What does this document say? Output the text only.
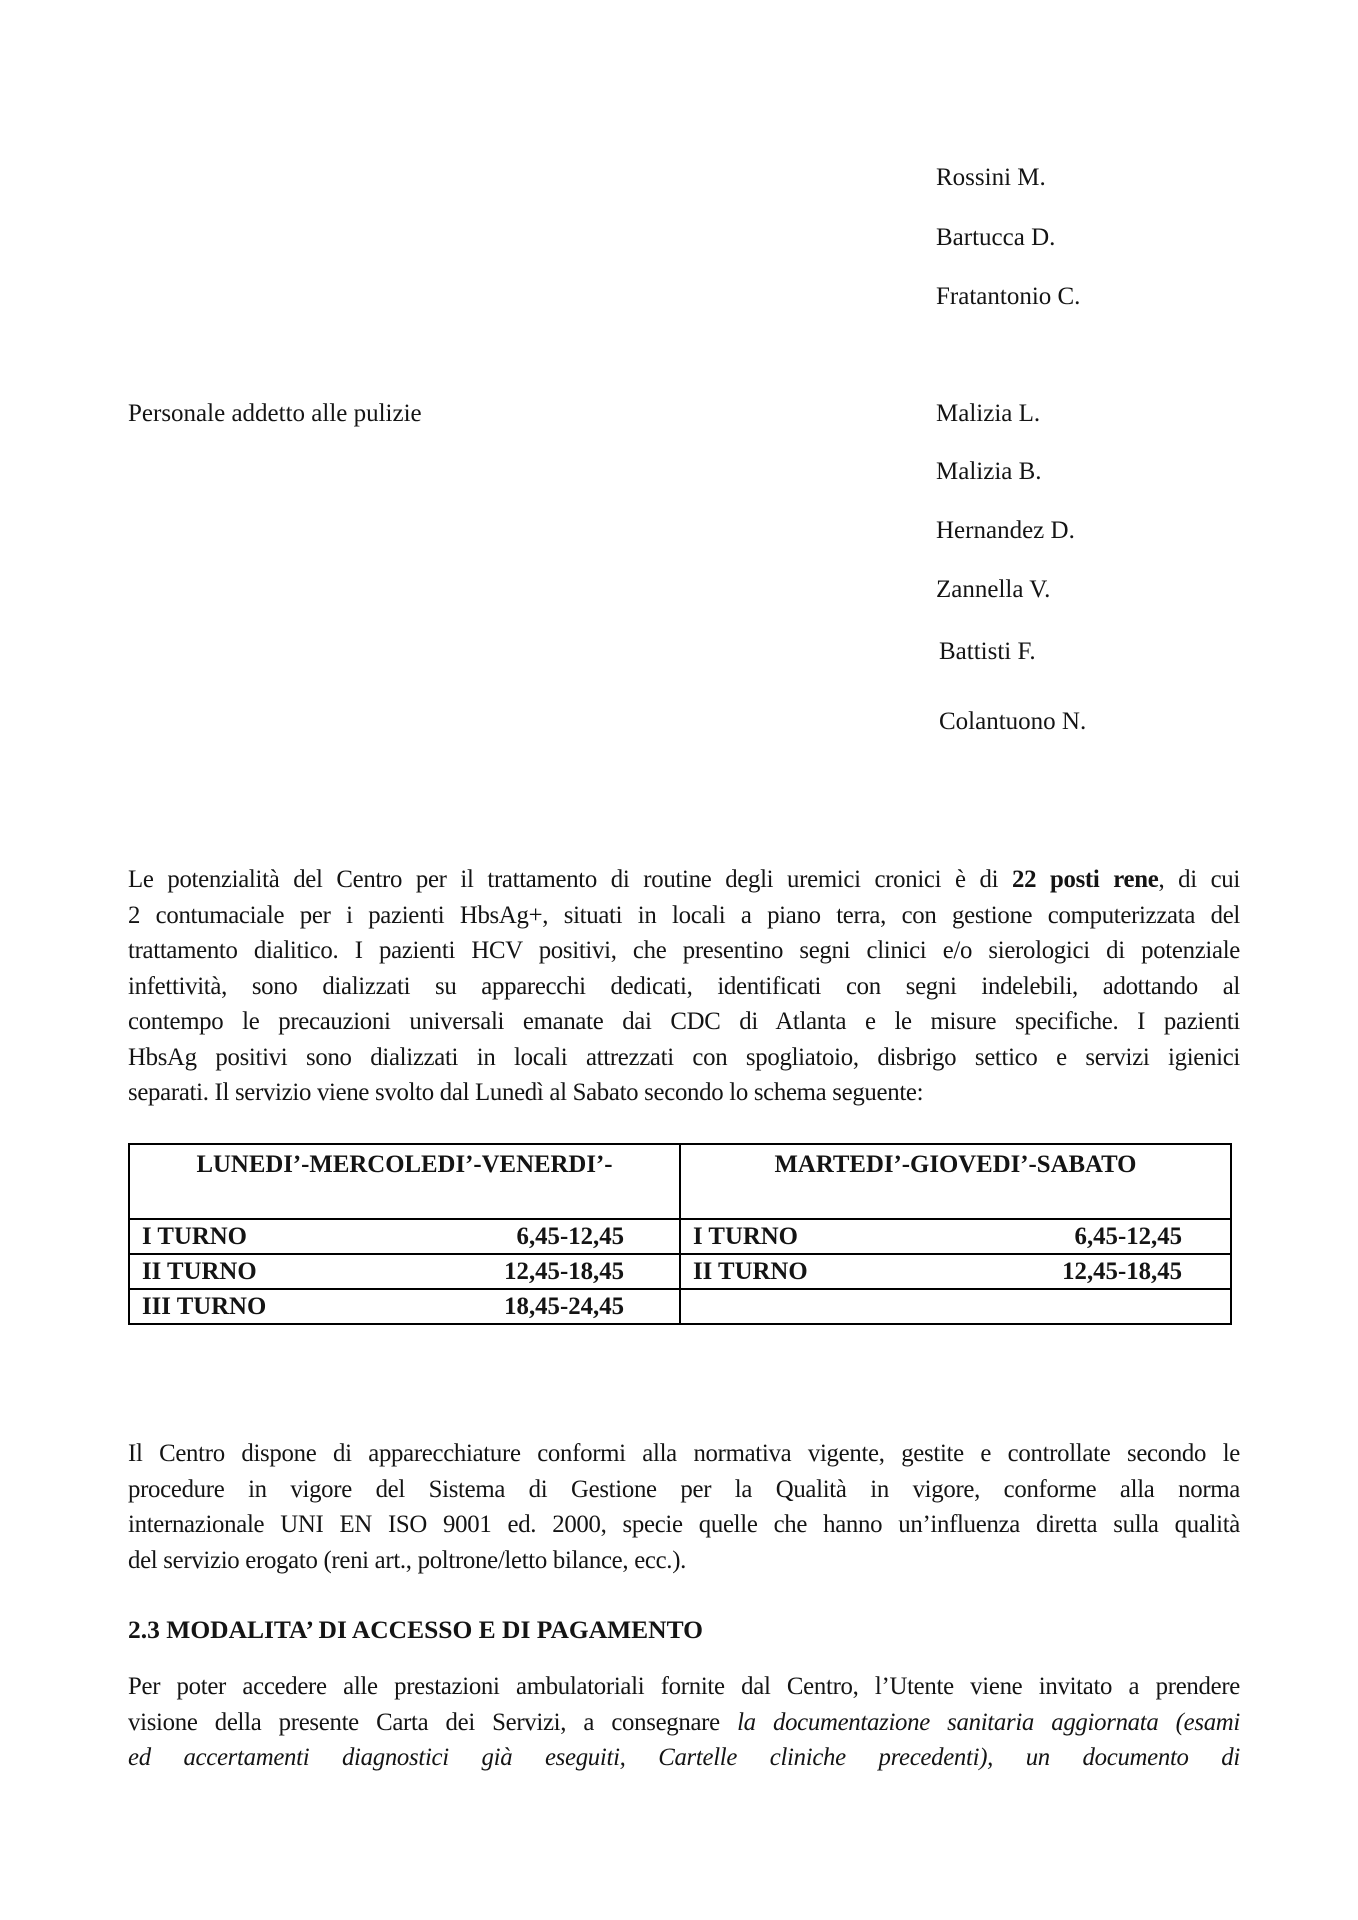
Rossini M.
Bartucca D.
Fratantonio C.
Personale addetto alle pulizie	Malizia L.
Malizia B.
Hernandez D.
Zannella V.
Battisti F.
Colantuono N.
Le potenzialità del Centro per il trattamento di routine degli uremici cronici è di 22 posti rene, di cui
2 contumaciale per i pazienti HbsAg+, situati in locali a piano terra, con gestione computerizzata del
trattamento dialitico. I pazienti HCV positivi, che presentino segni clinici e/o sierologici di potenziale
infettività, sono dializzati su apparecchi dedicati, identificati con segni indelebili, adottando al
contempo le precauzioni universali emanate dai CDC di Atlanta e le misure specifiche. I pazienti
HbsAg positivi sono dializzati in locali attrezzati con spogliatoio, disbrigo settico e servizi igienici
separati. Il servizio viene svolto dal Lunedì al Sabato secondo lo schema seguente:
LUNEDI’-MERCOLEDI’-VENERDI’-	MARTEDI’-GIOVEDI’-SABATO

I TURNO 6,45-12,45	I TURNO 6,45-12,45

II TURNO 12,45-18,45	II TURNO 12,45-18,45

III TURNO 18,45-24,45	

Il Centro dispone di apparecchiature conformi alla normativa vigente, gestite e controllate secondo le
procedure in vigore del Sistema di Gestione per la Qualità in vigore, conforme alla norma
internazionale UNI EN ISO 9001 ed. 2000, specie quelle che hanno un’influenza diretta sulla qualità
del servizio erogato (reni art., poltrone/letto bilance, ecc.).
2.3 MODALITA’ DI ACCESSO E DI PAGAMENTO
Per poter accedere alle prestazioni ambulatoriali fornite dal Centro, l’Utente viene invitato a prendere
visione della presente Carta dei Servizi, a consegnare la documentazione sanitaria aggiornata (esami
ed accertamenti diagnostici già eseguiti, Cartelle cliniche precedenti), un documento di
